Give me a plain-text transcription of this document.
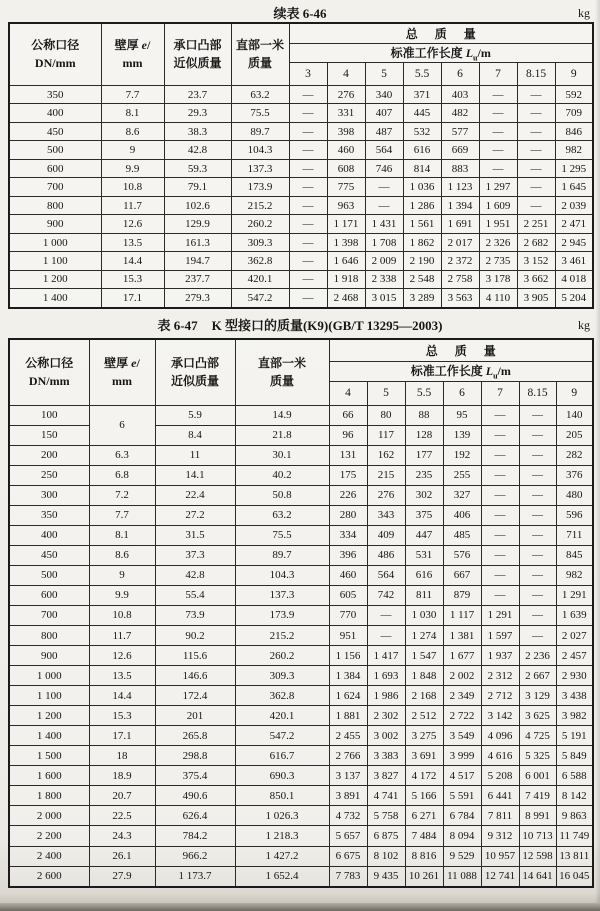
续表 6-46	kg
公称口径
DN/mm	壁厚 e/
mm	承口凸部
近似质量	直部一米
质量	总 质 量							
				标准工作长度 $L_u/m$							
				3	4	5	5.5	6	7	8.15	9
350	7.7	23.7	63.2	—	276	340	371	403	—	—	592
400	8.1	29.3	75.5	—	331	407	445	482	—	—	709
450	8.6	38.3	89.7	—	398	487	532	577	—	—	846
500	9	42.8	104.3	—	460	564	616	669	—	—	982
600	9.9	59.3	137.3	—	608	746	814	883	—	—	1 295
700	10.8	79.1	173.9	—	775	—	1 036	1 123	1 297	—	1 645
800	11.7	102.6	215.2	—	963	—	1 286	1 394	1 609	—	2 039
900	12.6	129.9	260.2	—	1 171	1 431	1 561	1 691	1 951	2 251	2 471
1 000	13.5	161.3	309.3	—	1 398	1 708	1 862	2 017	2 326	2 682	2 945
1 100	14.4	194.7	362.8	—	1 646	2 009	2 190	2 372	2 735	3 152	3 461
1 200	15.3	237.7	420.1	—	1 918	2 338	2 548	2 758	3 178	3 662	4 018
1 400	17.1	279.3	547.2	—	2 468	3 015	3 289	3 563	4 110	3 905	5 204
表 6-47 K 型接口的质量(K9)(GB/T 13295—2003)	kg
公称口径
DN/mm	壁厚 e/
mm	承口凸部
近似质量	直部一米
质量	总 质 量						
				标准工作长度 $L_u/m$						
				4	5	5.5	6	7	8.15	9
100	6	5.9	14.9	66	80	88	95	—	—	140
150		8.4	21.8	96	117	128	139	—	—	205
200	6.3	11	30.1	131	162	177	192	—	—	282
250	6.8	14.1	40.2	175	215	235	255	—	—	376
300	7.2	22.4	50.8	226	276	302	327	—	—	480
350	7.7	27.2	63.2	280	343	375	406	—	—	596
400	8.1	31.5	75.5	334	409	447	485	—	—	711
450	8.6	37.3	89.7	396	486	531	576	—	—	845
500	9	42.8	104.3	460	564	616	667	—	—	982
600	9.9	55.4	137.3	605	742	811	879	—	—	1 291
700	10.8	73.9	173.9	770	—	1 030	1 117	1 291	—	1 639
800	11.7	90.2	215.2	951	—	1 274	1 381	1 597	—	2 027
900	12.6	115.6	260.2	1 156	1 417	1 547	1 677	1 937	2 236	2 457
1 000	13.5	146.6	309.3	1 384	1 693	1 848	2 002	2 312	2 667	2 930
1 100	14.4	172.4	362.8	1 624	1 986	2 168	2 349	2 712	3 129	3 438
1 200	15.3	201	420.1	1 881	2 302	2 512	2 722	3 142	3 625	3 982
1 400	17.1	265.8	547.2	2 455	3 002	3 275	3 549	4 096	4 725	5 191
1 500	18	298.8	616.7	2 766	3 383	3 691	3 999	4 616	5 325	5 849
1 600	18.9	375.4	690.3	3 137	3 827	4 172	4 517	5 208	6 001	6 588
1 800	20.7	490.6	850.1	3 891	4 741	5 166	5 591	6 441	7 419	8 142
2 000	22.5	626.4	1 026.3	4 732	5 758	6 271	6 784	7 811	8 991	9 863
2 200	24.3	784.2	1 218.3	5 657	6 875	7 484	8 094	9 312	10 713	11 749
2 400	26.1	966.2	1 427.2	6 675	8 102	8 816	9 529	10 957	12 598	13 811
2 600	27.9	1 173.7	1 652.4	7 783	9 435	10 261	11 088	12 741	14 641	16 045
